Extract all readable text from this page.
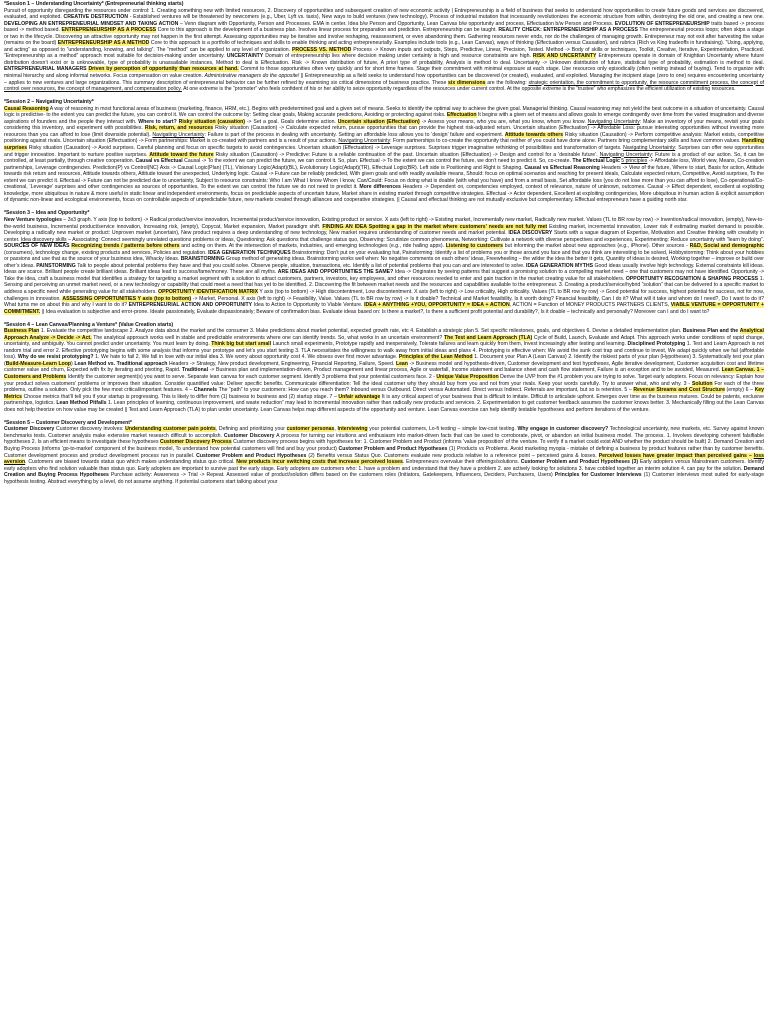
*Session 1 – Understanding Uncertainty* (Entrepreneurial thinking starts)

Pursuit of opportunity disregarding the resources under control: 1. Creating something new with limited resources, 2. Discovery of opportunities and subsequent creation of new economic activity | Entrepreneurship is a field of business that seeks to understand how opportunities to create future goods and services are discovered, evaluated, and exploited. CREATIVE DESTRUCTION - Established ventures will be threatened by newcomers (e.g., Uber, Lyft vs. taxis), New ways to build ventures (new technology), Process of industrial mutation that incessantly revolutionizes the economic structure from within, destroying the old one, and creating a new one. DEVELOPING AN ENTREPRENEURIAL MINDSET AND TAKING ACTION – Venn diagram with Opportunity, Person and Processes. EMA in center. Idea b/w Person and Opportunity, Lean Canvas b/w opportunity and process, Effectuation b/w Person and Process. EVOLUTION OF ENTREPRENEURSHIP traits based -> process based -> method based. ENTREPRENEURSHIP AS A PROCESS Core to this approach is the development of a business plan. Involves linear process for preparation and prediction. Entrepreneurship can be taught. REALITY CHECK: ENTREPRENEURSHIP AS A PROCESS The entrepreneurial process loops; often skips a stage or two in the lifecycle. Discovering an attractive opportunity may not happen in the first attempt. Assessing opportunities may be iterative and involve reshaping, reassessment, or even abandoning them. Gathering resources never ends, nor do the challenges of managing growth. Entrepreneur may not exit after harvesting the value (remains on the board) ENTREPRENEURSHIP AS A METHOD Core to this approach is a portfolio of techniques and skills to enable thinking and acting entrepreneurially. Examples include tools (e.g., Lean Canvas), ways of thinking (Effectuation versus Causation), and rubrics (Rich vs King tradeoffs in fundraising). “Using, applying, and acting” as opposed to “understanding, knowing, and talking”. The “method” can be applied to any level of organization. PROCESS VS. METHOD Process -> Known inputs and outputs, Steps, Predictive, Linear, Precision, Tested. Method -> Body of skills or techniques, Toolkit, Creative, Iterative, Experimentation, Practiced. “Entrepreneurship as a method” approach most suitable for decision-making under uncertainty. UNCERTAINTY Domain of entrepreneurship lies where decision making under certainty is high and resource constraints are high. RISK AND UNCERTAINTY Entrepreneurs operate in domain of Knightian Uncertainty where future distribution doesn’t exist or is unknowable, type of probability is unassailable instances, Method to deal is Effectuation. Risk -> Known distribution of future, A priori type of probability, Analysis is method to deal. Uncertainty -> Unknown distribution of future, statistical type of probability, estimation is method to deal. ENTREPRENEURIAL MANAGERS Driven by perception of opportunity than resources at hand. Commit to those opportunities often very quickly and for short time frames. Stage their commitment with minimal exposure at each stage. Use resources only episodically (often renting instead of buying). Tend to organize with minimal hierarchy and along informal networks. Focus compensation on value creation. Administrative managers do the opposite! || Entrepreneurship as a field seeks to understand how opportunities can be discovered (or created), evaluated, and exploited. Managing the incipient stage (zero to one) requires encountering uncertainty – applies to new ventures and large organizations. This summary description of entrepreneurial behavior can be further refined by examining six critical dimensions of business practice. These six dimensions are the following: strategic orientation, the commitment to opportunity, the resource commitment process, the concept of control over resources, the concept of management, and compensation policy. At one extreme is the “promoter” who feels confident of his or her ability to seize opportunity regardless of the resources under current control. At the opposite extreme is the “trustee” who emphasizes the efficient utilization of existing resources.

*Session 2 – Navigating Uncertainty*

Causal Reasoning A way of reasoning in most functional areas of business (marketing, finance, HRM, etc.). Begins with predetermined goal and a given set of means. Seeks to identify the optimal way to achieve the given goal. Managerial thinking. Causal reasoning may not yield the best outcome in a situation of uncertainty. Causal logic is predictive- to the extent you can predict the future, you can control it. We can control the outcome by: Setting clear goals, Making accurate predictions, Avoiding or protecting against risks. Effectuation It begins with a given set of means and allows goals to emerge contingently over time from the varied imagination and diverse aspirations of founders and the people they interact with. Where to start? Risky situation (causation) -> Set a goal. Goals determine action. Uncertain situation (Effectuation) -> Assess your means, who you are, what you know, whom you know. Navigating Uncertainty: Make an inventory of your means, revisit your goals considering this inventory, and experiment with possibilities. Risk, return, and resources Risky situation (Causation) -> Calculate expected return, pursue opportunities that can provide the highest risk-adjusted return. Uncertain situation (Effectuation) -> Affordable Loss: pursue interesting opportunities without investing more resources than you can afford to lose (limit downside potential). Navigating Uncertainty: Failure is part of the process in dealing with uncertainty. Setting an affordable loss allows you to ‘design’ failure and experiment. Attitude towards others Risky situation (Causation) -> Perform competitive analysis: Market exists, competitive positioning against rivals. Uncertain situation (Effectuation) -> Form partnerships: Market is co-created with partners and is a result of your actions. Navigating Uncertainty: Form partnerships to co-create the opportunity that neither of you could have done alone. Partners bring complementary skills and have common values. Handling surprises Risky situation (Causation) -> Avoid surprises. Careful planning and focus on specific targets to avoid contingencies. Uncertain situation (Effectuation) -> Leverage surprises. Surprises trigger imaginative rethinking of possibilities and transformation of targets. Navigating Uncertainty: Surprises can offer new opportunities and trigger innovation. Important to nurture positive surprises. Attitude toward the future Risky situation (Causation) -> Predictive: Future is a reliable continuation of the past. Uncertain situation (Effectuation) -> Design and control for a ‘desirable future’. Navigating Uncertainty: Future is a product of our action. So, it can be controlled, at least partially, through creative cooperation. Causal vs Effectual Causal -> To the extent we can predict the future, we can control it. So, plan. Effectual -> To the extent we can control the future, we don’t need to predict it. So, co-create. The Effectual Logic 5 principles -> Affordable loss, World view, Means, Co-creation partnerships, Leverage contingencies. Prediction(P) vs Control(NC) Axis -> Causal Logic(Plan) (TL), Visionary Logic(Adapt)(BL), Evolutionary Logic(Adapt)(TR), Effectual Logic(BR). Left side is Positioning and Right is Shaping. Causal vs Effectual Reasoning Headers -> View of the future, Where to start, Basis for action, Attitude towards risk return and resources, Attitude towards others, Attitude toward the unexpected, Underlying logic. Causal -> Future can be reliably predicted, With given goals and with readily available means, Should: focus on optimal scenarios and reaching for present ideals, Calculate expected return, Competitive, Avoid surprises, To the extent we can predict it. Effectual -> Future can not be predicted due to uncertainty, Subject to resource constraints: Who I am What I know Whom I know, Can/Could: Focus on doing what is doable (with what you have) and from a small basis, Set affordable loss (you do not lose more than you can afford to lose), Co-operational/Co-creational, ‘Leverage’ surprises and other contingencies as sources of opportunities, To the extent we can control the future we do not need to predict it. More differences Headers -> Dependent on, competencies employed, context of relevance, nature of unknown, outcomes. Causal -> Effect dependent, excellent at exploiting knowledge, more ubiquitous in nature & more useful in static linear and independent environments, focus on predictable aspects of uncertain future, Market share in existing market through competitive strategies. Effectual -> Actor dependent, Excellent at exploiting contingencies, More ubiquitous in human action & explicit assumption of dynamic non-linear and ecological environments, focus on controllable aspects of unpredictable future, new markets created through alliances and cooperative strategies. || Causal and effectual thinking are not mutually exclusive but complementary. Effectual entrepreneurs have a guiding north star.

*Session 3 – Idea and Opportunity*

New Venture typologies – 3x3 graph. Y axis (top to bottom) -> Radical product/service innovation, Incremental product/service innovation, Existing product or service. X axis (left to right) -> Existing market, Incrementally new market, Radically new market. Values (TL to BR row by row) -> Invention/radical innovation, (empty), New-to-the-world business, Incremental product/service innovation, Increasing risk, (empty), Copycat, Market expansion, Market paradigm shift. FINDING AN IDEA Spotting a gap in the market where customers’ needs are not fully met Existing market, incremental innovation, Lower risk if estimating market demand is possible. Developing a radically new market or product: Unproven market (uncertain), New product requires a deep understanding of new technology, New market requires understanding of customer needs and market potential. IDEA DISCOVERY Starts with a vague diagram of Expertise, Motivation and Creative thinking with creativity in center. Idea discovery skills – Associating: Connect seemingly unrelated questions problems or ideas, Questioning: Ask questions that challenge status quo, Observing: Scrutinize common phenomena, Networking: Cultivate a network with diverse perspectives and experiences, Experimenting: Reduce uncertainty with “learn by doing”. SOURCES OF NEW IDEAS Recognizing trends / patterns before others and acting on them. At the intersection of markets, industries, and emerging technologies (e.g., ride hailing apps). Listening to customers but informing the market about new approaches (e.g., iPhone). Other sources - R&D, Social and demographic (consumers), technology change, existing products and services, Policies and regulation. IDEA GENERATION TECHNIQUES Brainstorming: Don’t put on your evaluating hat, Painstorming: Identify a list of problems you or those around you face and that you think are interesting to be solved, Hobbystorming: Think about your hobbies or passions and use that as the source of your business idea, Whacky Ideas. BRAINSTORMING Group method of generating ideas. Brainstorming works well when: No negative comments on each others’ ideas, Freewheeling – the wilder the idea the better it gets, Quantity of ideas is desired, Working together – improve or build over other’s ideas. PAINSTORMING Talk to people about potential problems they have and that you could solve. Observe people, situation, transactions, etc. Identify a list of potential problems that you can and are interested to solve. IDEA GENERATION MYTHS Good ideas usually involve high technology. External constraints kill ideas. Ideas are scarce. Brilliant people create brilliant ideas. Brilliant ideas lead to success/fame/money. These are all myths. ARE IDEAS AND OPPORTUNITIES THE SAME? Idea -> Originates by seeing patterns that suggest a promising solution to a compelling market need – one that customers may not have identified. Opportunity -> Take the idea, craft a business model that identifies a strategy for targeting a market segment with a solution to attract customers, partners, investors, key employees, and other resources needed to enter and gain traction in the market creating value for all stakeholders. OPPORTUNITY RECOGNITION & SHAPING PROCESS 1. Sensing and perceiving an unmet market need, or a new technology or capability that could meet a need that has yet to be identified. 2. Discovering the fit between market needs and the resources and capabilities available to the entrepreneur. 3. Creating a product/service/hybrid “solution” that can be delivered to a specific market to address a specific need while generating value for all stakeholders. OPPORTUNITY IDENTIFICATION MATRIX Y axis (top to bottom) -> High discontentment, Low discontentment. X axis (left to right) -> Low criticality, High criticality. Values (TL to BR row by row) -> Good potential for success, highest potential for success, not for now, challenges in innovation. ASSESSING OPPORTUNITIES Y axis (top to bottom) -> Market, Personal. X axis (left to right) -> Feasibility, Value. Values (TL to BR row by row) -> Is it doable? Technical and Market feasibility, Is it worth doing? Financial feasibility, Can I do it? What will it take and whom do I need?, Do I want to do it? What turns me on about this and why I want to do it? ENTREPRENEURIAL ACTION AND OPPORTUNITY Idea to Action to Opportunity to Viable Venture. IDEA + ANYTHING +YOU, OPPORTUNITY = IDEA + ACTION, ACTION = Function of MONEY PRODUCTS PARTNERS CLIENTS, VIABLE VENTURE = OPPORTUNITY + COMMITMENT. || Idea evaluation is subjective and error-prone. Ideate passionately, Evaluate dispassionately; Beware of confirmation bias. Evaluate ideas based on: Is there a market?, Is there a sufficient profit potential and durability?, Is it doable – technically and personally? Moreover can I and do I want to?

*Session 4 – Lean Canvas/Planning a Venture* (Value Creation starts)

Business Plan 1. Evaluate the competitive landscape 2. Analyze data about the market and the consumer 3. Make predictions about market potential, expected growth rate, etc 4. Establish a strategic plan 5. Set specific milestones, goals, and objectives 6. Devise a detailed implementation plan. Business Plan and the Analytical Approach Analyze -> Decide -> Act. The analytical approach works well in stable and predictable environments where one can identify trends. So, what works in an uncertain environment? The Test and Learn Approach (TLA) Cycle of Build, Launch, Evaluate and Adapt. This approach works under conditions of rapid change, uncertainty, and ambiguity. You cannot predict under uncertainty. You must learn by doing. Think big but start small Launch small experiments, Prototype rapidly and inexpensively, Tolerate failures and learn quickly from them, Invest increasingly after testing and learning. Disciplined Prototyping 1. Test and Learn Approach is not random trial and error 2. Effective prototyping begins with some analysis that informs your prototype and let’s you start testing 3. TLA necessitates the willingness to walk away from initial ideas and plans 4. Prototyping is effective when: We avoid the sunk cost trap and continue to invest, We adapt quickly when we fail (affordable loss). Why do we resist prototyping? 1. We hate to fail 2. We fall in love with our initial idea 3. We worry about opportunity cost 4. We obsess over first mover advantage. Principles of the Lean Method 1. Document your Plan A (Lean Canvas) 2. Identify the riskiest parts of your plan (Hypotheses) 3. Systematically test your plan (Build-Measure-Learn Loop) Lean Method vs. Traditional approach Headers -> Strategy, New product development, Engineering, Financial Reporting, Failure, Speed. Lean -> Business model and hypothesis-driven, Customer development and test hypotheses, Agile iterative development, Customer acquisition cost and lifetime customer value and churn, Expected with fix by iterating and pivoting, Rapid. Traditional -> Business plan and implementation-driven, Product management and linear process, Agile or waterfall, Income statement and balance sheet and cash flow statement, Failure is an exception and to be avoided, Measured. Lean Canvas. 1 – Customers and Problems Identify the customer segment(s) you want to serve. Separate lean canvas for each customer segment. Identify 3 problems that your potential customers face. 2 - Unique Value Proposition Derive the UVP from the #1 problem you are trying to solve. Target early adopters. Focus on relevancy: Explain how your product solves customers’ problems or improves their situation. Consider quantified value: Deliver specific benefits. Communicate differentiation: Tell the ideal customer why they should buy from you and not from your rivals. Keep your words carefully. Try to answer what, who and why. 3 - Solution For each of the three problems, outline a solution. Only pick the few most critical/important features. 4 – Channels The “path” to your customers: How can you reach them? Inbound versus Outbound. Direct versus Automated. Direct versus Indirect. Referrals are important, but so is retention. 5 – Revenue Streams and Cost Structure (empty) 6 – Key Metrics Choose metrics that’ll tell you if your startup is progressing. This is likely to differ from (1) business to business and (2) startup stage. 7 – Unfair advantage It is any critical aspect of your business that is difficult to imitate. Difficult to articulate upfront. Emerges over time as the business matures. Could be patents, exclusive partnerships, logistics. Lean Method Pitfalls 1. Lean principles of learning, continuous improvement, and waste reduction” may lead to incremental innovation rather than radically new products and services. 2. Experimentation to get customer feedback assumes the customer knows better. 3. Mechanically filling out the Lean Canvas does not help theorize on how value may be created || Test and Learn Approach (TLA) to plan under uncertainty. Lean Canvas helps map different aspects of the opportunity and venture. Lean Canvas exercise can help identify testable hypotheses and perform iterations of the venture.

*Session 5 – Customer Discovery and Development*

Customer Discovery Customer discovery involves: Understanding customer pain points, Defining and prioritizing your customer personas, Interviewing your potential customers, Lo-fi testing – simple low-cost testing. Why engage in customer discovery? Technological uncertainty, new markets, etc. Survey against known benchmarks tests. Customer analysis make extensive market research difficult to accomplish. Customer Discovery A process for turning our intuitions and enthusiasm into market-driven facts that can be used to corroborate, pivot, or abandon an initial business model. The process. 1. Involves developing coherent falsifiable hypotheses 2. Is an efficient means to investigate these hypotheses Customer Discovery Process Customer discovery process begins with hypotheses for: 1. Customer Problem and Product (informs ‘value proposition’ of the venture. To verify if a market could exist AND whether the product should be built) 2. Demand Creation and Buying Process (informs ‘go-to-market’ component of the business model, To understand how potential customers will find and buy your product) Customer Problem and Product Hypotheses (1) Products vs Problems. Avoid marketing myopia - mistake of defining a business by product features rather than by customer benefits. Customer development process and product development process run in parallel. Customer Problem and Product Hypotheses (2) Benefits versus Status Quo. Customers evaluate new products relative to a reference point – perceived gains & losses. Perceived losses have greater impact than perceived gains – loss aversion. Customers are biased towards status quo which makes understanding status quo critical. New products incur switching costs that increase perceived losses. Entrepreneurs overvalue their offerings/solutions. Customer Problem and Product Hypotheses (3) Early adopters versus Mainstream customers. Identify early adopters who find solution valuable than status quo. Early adopters are important to survive past the early stage. Early adopters are customers who: 1. have a problem and understand that they have a problem 2. are actively looking for solutions 3. have cobbled together an interim solution 4. can pay for the solution. Demand Creation and Buying Process Hypotheses Purchase activity: Awareness -> Trial -> Repeat. Assessed value of product/solution differs based on the customers roles (Initiators, Gatekeepers, Influencers, Deciders, Purchasers, Users) Principles for Customer Interviews (1) Customer interviews most suited for early-stage hypothesis testing. Abstract everything by a level, do not assume anything. If potential customers start talking about your
